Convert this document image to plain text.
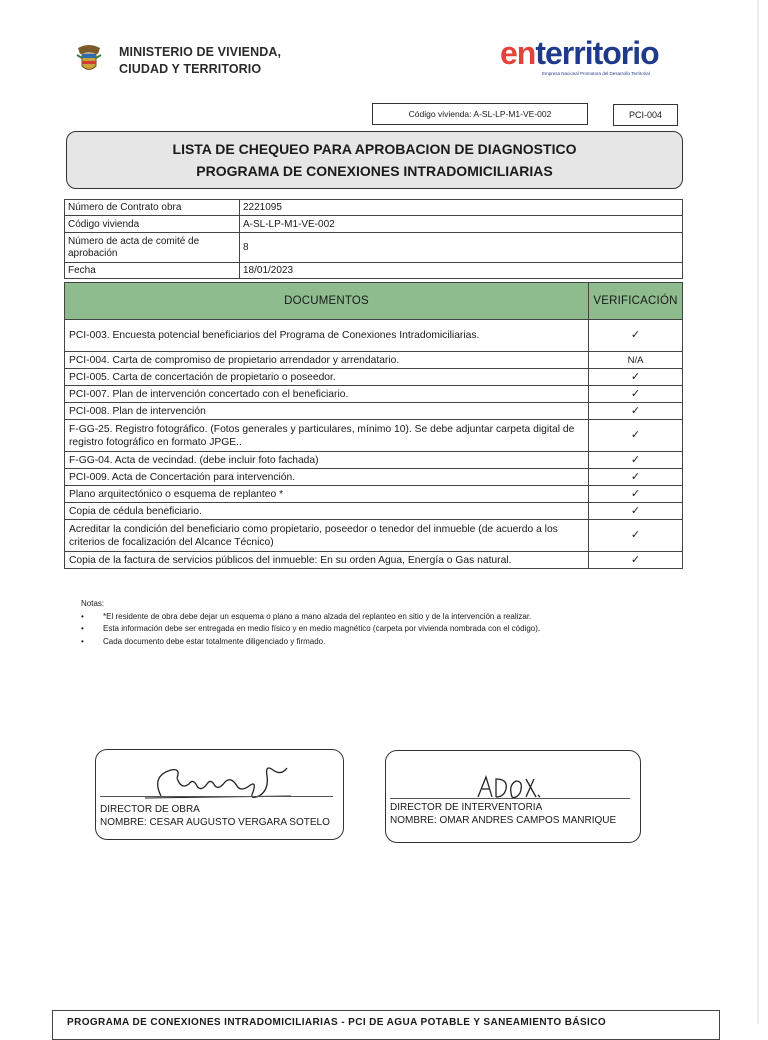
MINISTERIO DE VIVIENDA,
CIUDAD Y TERRITORIO	enterritorio
Empresa Nacional Promotora del Desarrollo Territorial
Código vivienda: A-SL-LP-M1-VE-002	PCI-004
LISTA DE CHEQUEO PARA APROBACION DE DIAGNOSTICO
PROGRAMA DE CONEXIONES INTRADOMICILIARIAS
Número de Contrato obra	2221095
Código vivienda	A-SL-LP-M1-VE-002
Número de acta de comité de aprobación	8
Fecha	18/01/2023
DOCUMENTOS	VERIFICACIÓN
PCI-003. Encuesta potencial beneficiarios del Programa de Conexiones Intradomiciliarias.	✓
PCI-004. Carta de compromiso de propietario arrendador y arrendatario.	N/A
PCI-005. Carta de concertación de propietario o poseedor.	✓
PCI-007. Plan de intervención concertado con el beneficiario.	✓
PCI-008. Plan de intervención	✓
F-GG-25. Registro fotográfico. (Fotos generales y particulares, mínimo 10). Se debe adjuntar carpeta digital de registro fotográfico en formato JPGE..	✓
F-GG-04. Acta de vecindad. (debe incluir foto fachada)	✓
PCI-009. Acta de Concertación para intervención.	✓
Plano arquitectónico o esquema de replanteo *	✓
Copia de cédula beneficiario.	✓
Acreditar la condición del beneficiario como propietario, poseedor o tenedor del inmueble (de acuerdo a los criterios de focalización del Alcance Técnico)	✓
Copia de la factura de servicios públicos del inmueble: En su orden Agua, Energía o Gas natural.	✓
Notas:
• *El residente de obra debe dejar un esquema o plano a mano alzada del replanteo en sitio y de la intervención a realizar.
• Esta información debe ser entregada en medio físico y en medio magnético (carpeta por vivienda nombrada con el código).
• Cada documento debe estar totalmente diligenciado y firmado.
DIRECTOR DE OBRA
NOMBRE: CESAR AUGUSTO VERGARA SOTELO
DIRECTOR DE INTERVENTORIA
NOMBRE: OMAR ANDRES CAMPOS MANRIQUE
PROGRAMA DE CONEXIONES INTRADOMICILIARIAS - PCI DE AGUA POTABLE Y SANEAMIENTO BÁSICO
